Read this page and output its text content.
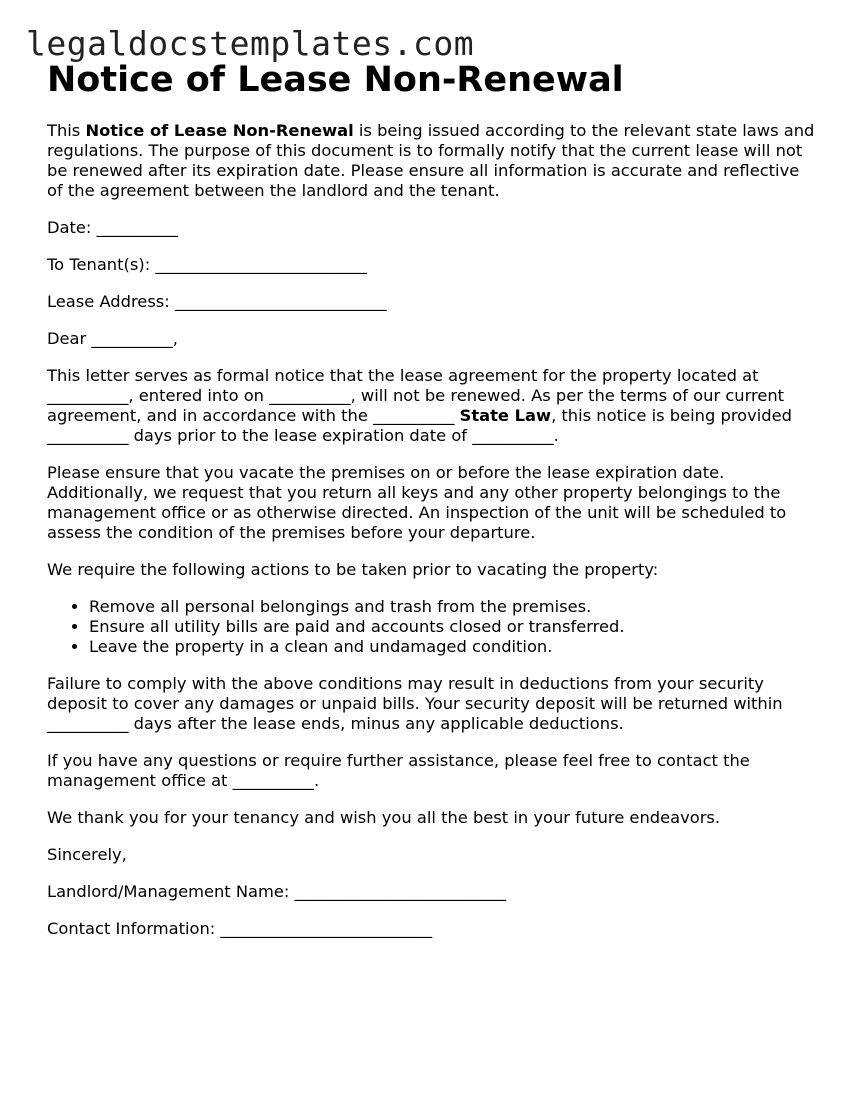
legaldocstemplates.com
Notice of Lease Non-Renewal

This Notice of Lease Non-Renewal is being issued according to the relevant state laws and regulations. The purpose of this document is to formally notify that the current lease will not be renewed after its expiration date. Please ensure all information is accurate and reflective of the agreement between the landlord and the tenant.

Date: __________

To Tenant(s): __________________________

Lease Address: __________________________

Dear __________,

This letter serves as formal notice that the lease agreement for the property located at __________, entered into on __________, will not be renewed. As per the terms of our current agreement, and in accordance with the __________ State Law, this notice is being provided __________ days prior to the lease expiration date of __________.

Please ensure that you vacate the premises on or before the lease expiration date. Additionally, we request that you return all keys and any other property belongings to the management office or as otherwise directed. An inspection of the unit will be scheduled to assess the condition of the premises before your departure.

We require the following actions to be taken prior to vacating the property:

• Remove all personal belongings and trash from the premises.
• Ensure all utility bills are paid and accounts closed or transferred.
• Leave the property in a clean and undamaged condition.

Failure to comply with the above conditions may result in deductions from your security deposit to cover any damages or unpaid bills. Your security deposit will be returned within __________ days after the lease ends, minus any applicable deductions.

If you have any questions or require further assistance, please feel free to contact the management office at __________.

We thank you for your tenancy and wish you all the best in your future endeavors.

Sincerely,

Landlord/Management Name: __________________________

Contact Information: __________________________
